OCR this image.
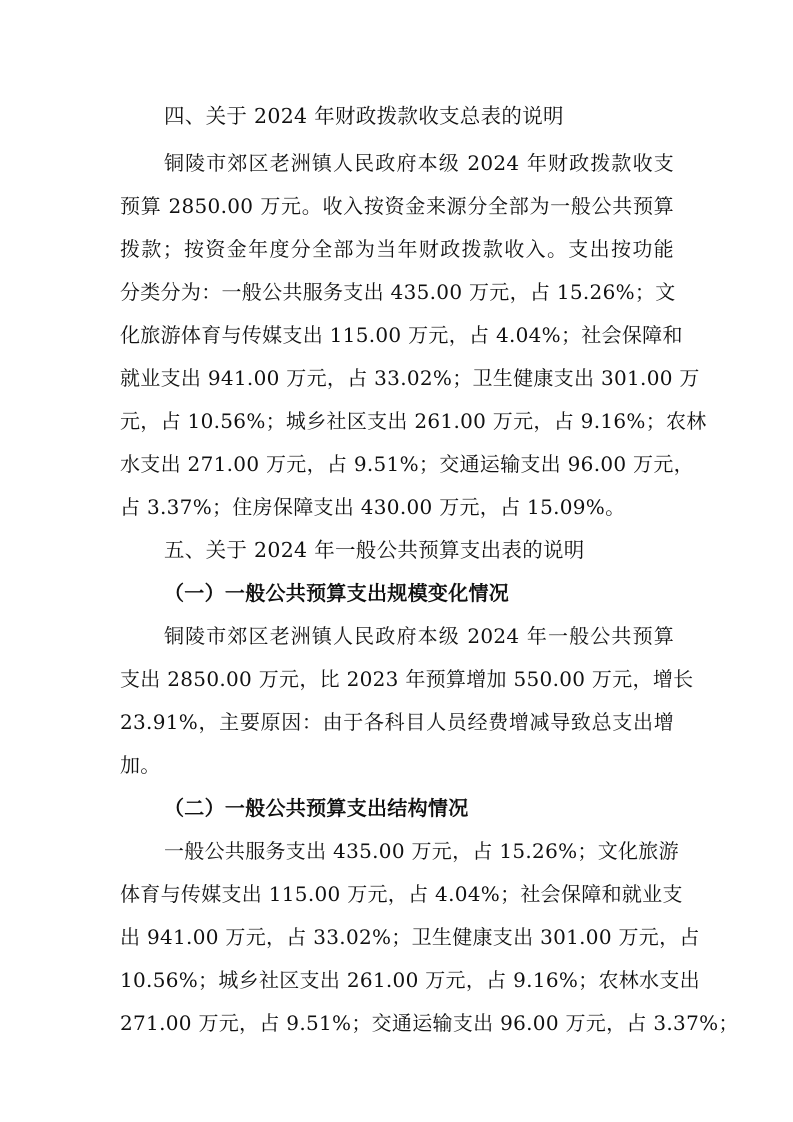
四、关于 2024 年财政拨款收支总表的说明
铜陵市郊区老洲镇人民政府本级 2024 年财政拨款收支
预算 2850.00 万元。收入按资金来源分全部为一般公共预算
拨款；按资金年度分全部为当年财政拨款收入。支出按功能
分类分为：一般公共服务支出 435.00 万元，占 15.26%；文
化旅游体育与传媒支出 115.00 万元，占 4.04%；社会保障和
就业支出 941.00 万元，占 33.02%；卫生健康支出 301.00 万
元，占 10.56%；城乡社区支出 261.00 万元，占 9.16%；农林
水支出 271.00 万元，占 9.51%；交通运输支出 96.00 万元，
占 3.37%；住房保障支出 430.00 万元，占 15.09%。
五、关于 2024 年一般公共预算支出表的说明
（一）一般公共预算支出规模变化情况
铜陵市郊区老洲镇人民政府本级 2024 年一般公共预算
支出 2850.00 万元，比 2023 年预算增加 550.00 万元，增长
23.91%，主要原因：由于各科目人员经费增减导致总支出增
加。
（二）一般公共预算支出结构情况
一般公共服务支出 435.00 万元，占 15.26%；文化旅游
体育与传媒支出 115.00 万元，占 4.04%；社会保障和就业支
出 941.00 万元，占 33.02%；卫生健康支出 301.00 万元，占
10.56%；城乡社区支出 261.00 万元，占 9.16%；农林水支出
271.00 万元，占 9.51%；交通运输支出 96.00 万元，占 3.37%；
